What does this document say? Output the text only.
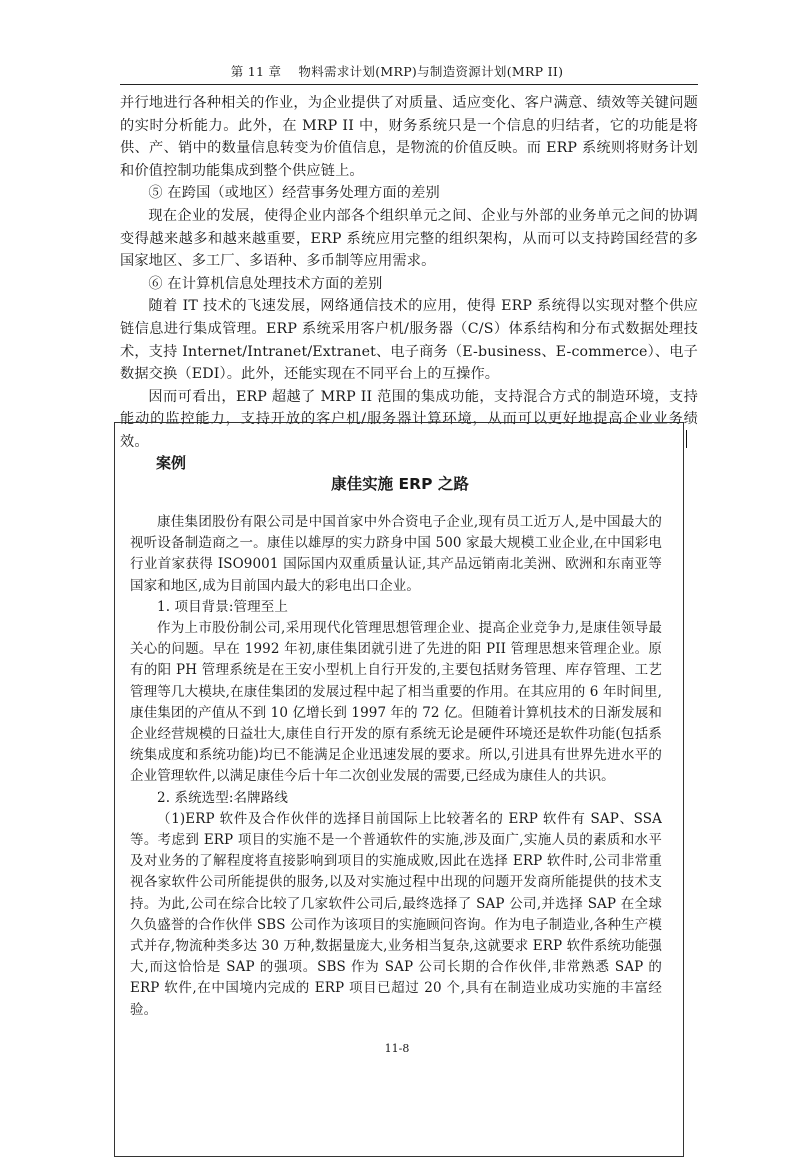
第 11 章　 物料需求计划(MRP)与制造资源计划(MRP II)

并行地进行各种相关的作业，为企业提供了对质量、适应变化、客户满意、绩效等关键问题的实时分析能力。此外，在 MRP II 中，财务系统只是一个信息的归结者，它的功能是将供、产、销中的数量信息转变为价值信息，是物流的价值反映。而 ERP 系统则将财务计划和价值控制功能集成到整个供应链上。

⑤ 在跨国（或地区）经营事务处理方面的差别

现在企业的发展，使得企业内部各个组织单元之间、企业与外部的业务单元之间的协调变得越来越多和越来越重要，ERP 系统应用完整的组织架构，从而可以支持跨国经营的多国家地区、多工厂、多语种、多币制等应用需求。

⑥ 在计算机信息处理技术方面的差别

随着 IT 技术的飞速发展，网络通信技术的应用，使得 ERP 系统得以实现对整个供应链信息进行集成管理。ERP 系统采用客户机/服务器（C/S）体系结构和分布式数据处理技术，支持 Internet/Intranet/Extranet、电子商务（E-business、E-commerce）、电子数据交换（EDI）。此外，还能实现在不同平台上的互操作。

因而可看出，ERP 超越了 MRP II 范围的集成功能，支持混合方式的制造环境，支持能动的监控能力，支持开放的客户机/服务器计算环境，从而可以更好地提高企业业务绩效。

案例
康佳实施 ERP 之路

康佳集团股份有限公司是中国首家中外合资电子企业,现有员工近万人,是中国最大的视听设备制造商之一。康佳以雄厚的实力跻身中国 500 家最大规模工业企业,在中国彩电行业首家获得 ISO9001 国际国内双重质量认证,其产品远销南北美洲、欧洲和东南亚等国家和地区,成为目前国内最大的彩电出口企业。

1. 项目背景:管理至上

作为上市股份制公司,采用现代化管理思想管理企业、提高企业竞争力,是康佳领导最关心的问题。早在 1992 年初,康佳集团就引进了先进的阳 PII 管理思想来管理企业。原有的阳 PH 管理系统是在王安小型机上自行开发的,主要包括财务管理、库存管理、工艺管理等几大模块,在康佳集团的发展过程中起了相当重要的作用。在其应用的 6 年时间里,康佳集团的产值从不到 10 亿增长到 1997 年的 72 亿。但随着计算机技术的日渐发展和企业经营规模的日益壮大,康佳自行开发的原有系统无论是硬件环境还是软件功能(包括系统集成度和系统功能)均已不能满足企业迅速发展的要求。所以,引进具有世界先进水平的企业管理软件,以满足康佳今后十年二次创业发展的需要,已经成为康佳人的共识。

2. 系统选型:名牌路线

（1)ERP 软件及合作伙伴的选择目前国际上比较著名的 ERP 软件有 SAP、SSA 等。考虑到 ERP 项目的实施不是一个普通软件的实施,涉及面广,实施人员的素质和水平及对业务的了解程度将直接影响到项目的实施成败,因此在选择 ERP 软件时,公司非常重视各家软件公司所能提供的服务,以及对实施过程中出现的问题开发商所能提供的技术支持。为此,公司在综合比较了几家软件公司后,最终选择了 SAP 公司,并选择 SAP 在全球久负盛誉的合作伙伴 SBS 公司作为该项目的实施顾问咨询。作为电子制造业,各种生产模式并存,物流种类多达 30 万种,数据量庞大,业务相当复杂,这就要求 ERP 软件系统功能强大,而这恰恰是 SAP 的强项。SBS 作为 SAP 公司长期的合作伙伴,非常熟悉 SAP 的 ERP 软件,在中国境内完成的 ERP 项目已超过 20 个,具有在制造业成功实施的丰富经验。

11-8
